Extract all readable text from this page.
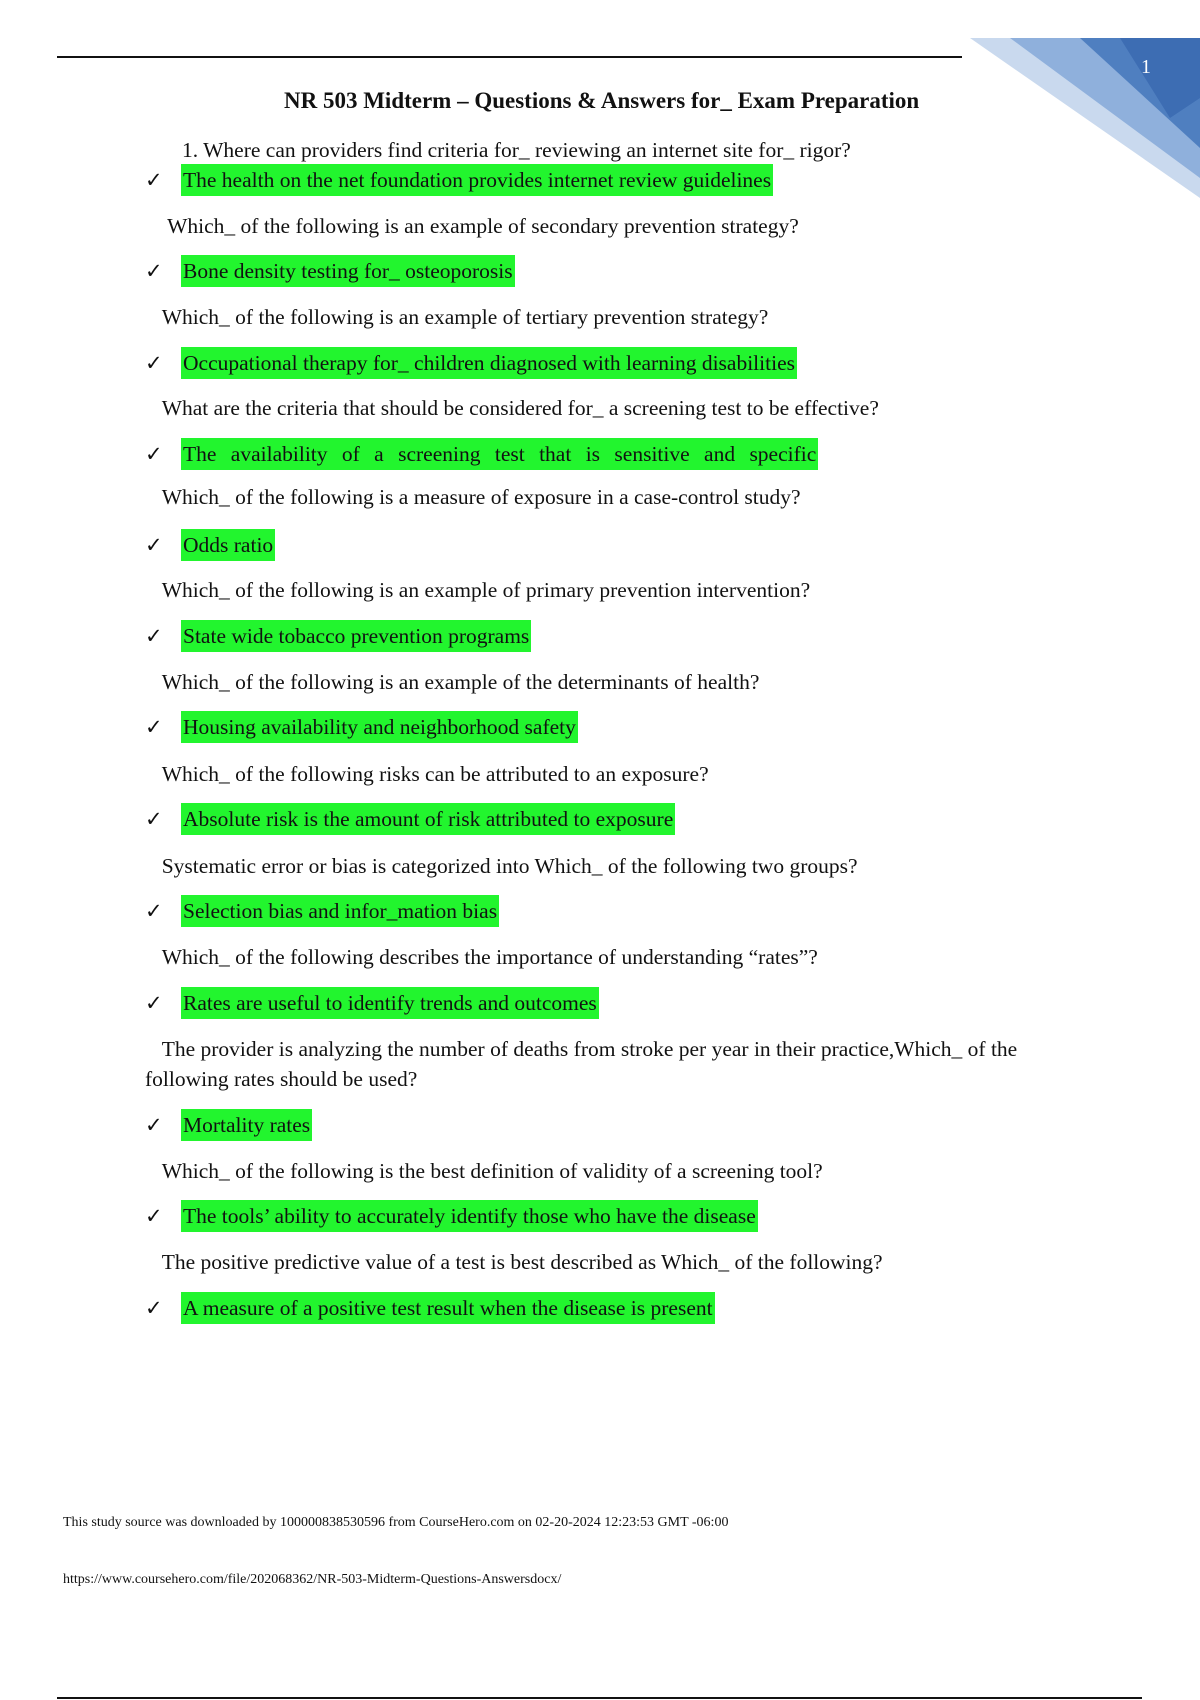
1
NR 503 Midterm – Questions & Answers for_ Exam Preparation
1. Where can providers find criteria for_ reviewing an internet site for_ rigor?
✓ The health on the net foundation provides internet review guidelines
Which_ of the following is an example of secondary prevention strategy?
✓ Bone density testing for_ osteoporosis
Which_ of the following is an example of tertiary prevention strategy?
✓ Occupational therapy for_ children diagnosed with learning disabilities
What are the criteria that should be considered for_ a screening test to be effective?
✓ The availability of a screening test that is sensitive and specific
Which_ of the following is a measure of exposure in a case-control study?
✓ Odds ratio
Which_ of the following is an example of primary prevention intervention?
✓ State wide tobacco prevention programs
Which_ of the following is an example of the determinants of health?
✓ Housing availability and neighborhood safety
Which_ of the following risks can be attributed to an exposure?
✓ Absolute risk is the amount of risk attributed to exposure
Systematic error or bias is categorized into Which_ of the following two groups?
✓ Selection bias and infor_mation bias
Which_ of the following describes the importance of understanding “rates”?
✓ Rates are useful to identify trends and outcomes
The provider is analyzing the number of deaths from stroke per year in their practice,Which_ of the following rates should be used?
✓ Mortality rates
Which_ of the following is the best definition of validity of a screening tool?
✓ The tools’ ability to accurately identify those who have the disease
The positive predictive value of a test is best described as Which_ of the following?
✓ A measure of a positive test result when the disease is present
This study source was downloaded by 100000838530596 from CourseHero.com on 02-20-2024 12:23:53 GMT -06:00
https://www.coursehero.com/file/202068362/NR-503-Midterm-Questions-Answersdocx/
